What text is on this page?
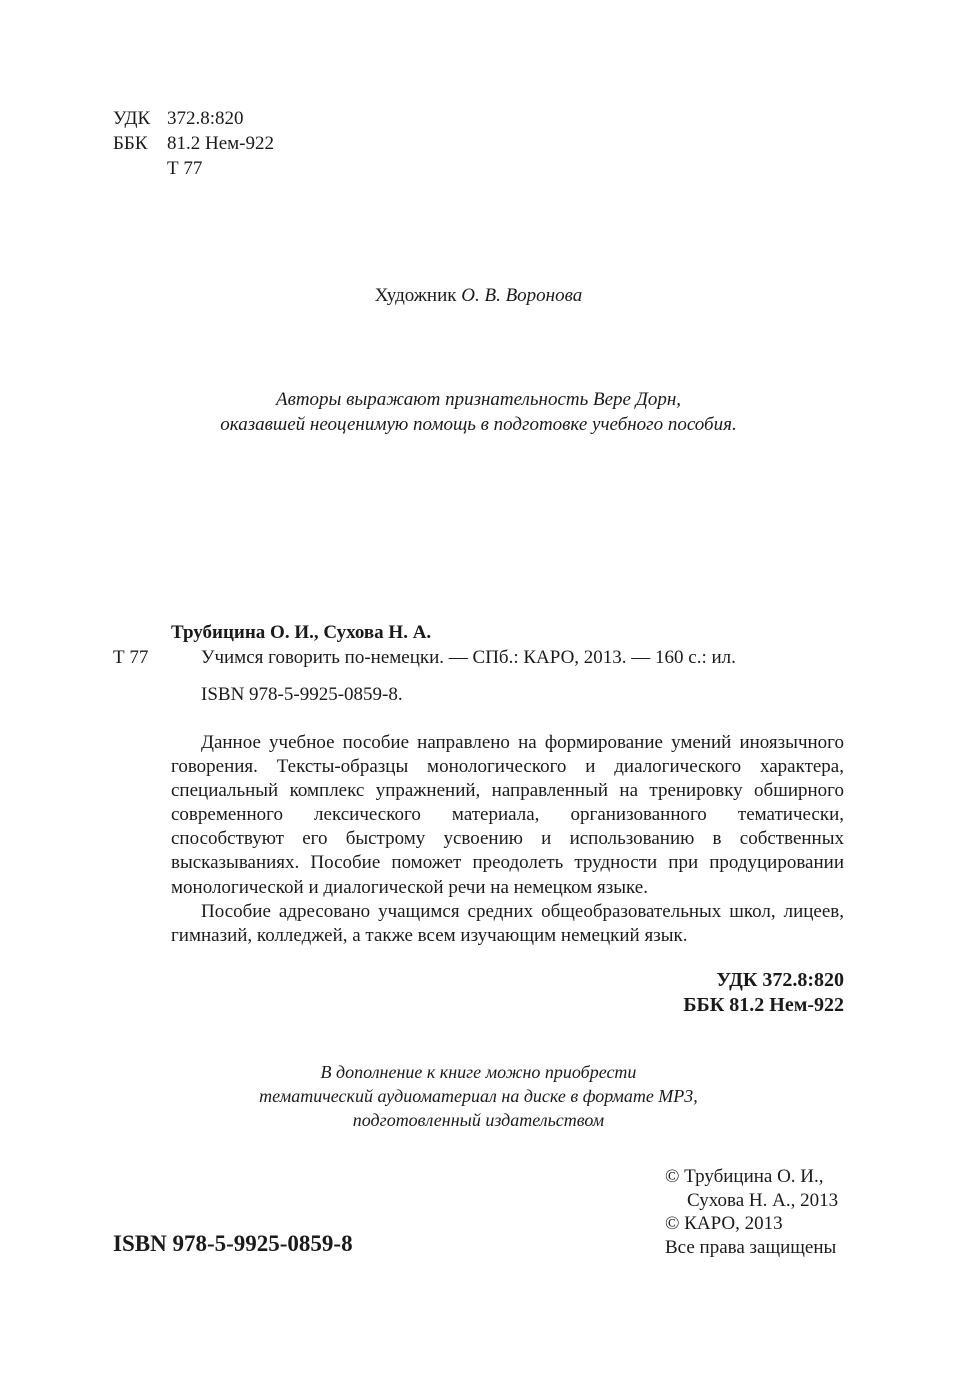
УДК 372.8:820
ББК 81.2 Нем-922
Т 77
Художник О. В. Воронова
Авторы выражают признательность Вере Дорн,
оказавшей неоценимую помощь в подготовке учебного пособия.
Трубицина О. И., Сухова Н. А.
Т 77	Учимся говорить по-немецки. — СПб.: КАРО, 2013. — 160 с.: ил.
ISBN 978-5-9925-0859-8.

Данное учебное пособие направлено на формирование умений иноязычного говорения. Тексты-образцы монологического и диалогического характера, специальный комплекс упражнений, направленный на тренировку обширного современного лексического материала, организованного тематически, способствуют его быстрому усвоению и использованию в собственных высказываниях. Пособие поможет преодолеть трудности при продуцировании монологической и диалогической речи на немецком языке.

Пособие адресовано учащимся средних общеобразовательных школ, лицеев, гимназий, колледжей, а также всем изучающим немецкий язык.

УДК 372.8:820
ББК 81.2 Нем-922
В дополнение к книге можно приобрести
тематический аудиоматериал на диске в формате MP3,
подготовленный издательством
© Трубицина О. И.,
Сухова Н. А., 2013
© КАРО, 2013
Все права защищены
ISBN 978-5-9925-0859-8
